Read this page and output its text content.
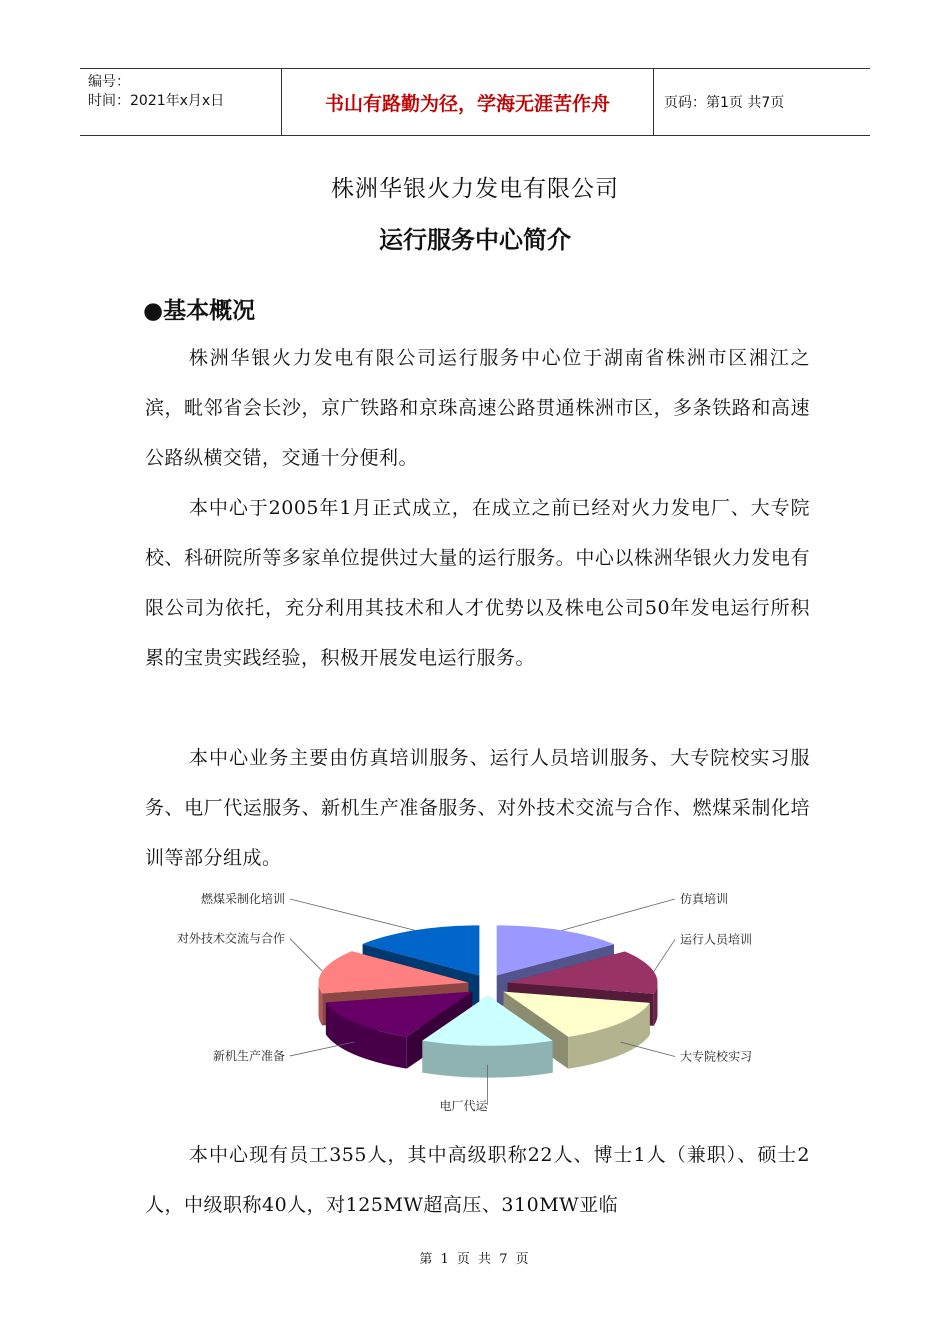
编号：
时间：2021年x月x日	书山有路勤为径，学海无涯苦作舟	页码：第1页 共7页
株洲华银火力发电有限公司
运行服务中心简介
●基本概况
株洲华银火力发电有限公司运行服务中心位于湖南省株洲市区湘江之滨，毗邻省会长沙，京广铁路和京珠高速公路贯通株洲市区，多条铁路和高速公路纵横交错，交通十分便利。
本中心于2005年1月正式成立，在成立之前已经对火力发电厂、大专院校、科研院所等多家单位提供过大量的运行服务。中心以株洲华银火力发电有限公司为依托，充分利用其技术和人才优势以及株电公司50年发电运行所积累的宝贵实践经验，积极开展发电运行服务。
本中心业务主要由仿真培训服务、运行人员培训服务、大专院校实习服务、电厂代运服务、新机生产准备服务、对外技术交流与合作、燃煤采制化培训等部分组成。
仿真培训
运行人员培训
大专院校实习
电厂代运
新机生产准备
对外技术交流与合作
燃煤采制化培训
本中心现有员工355人，其中高级职称22人、博士1人（兼职）、硕士2人，中级职称40人，对125MW超高压、310MW亚临
第 1 页 共 7 页
